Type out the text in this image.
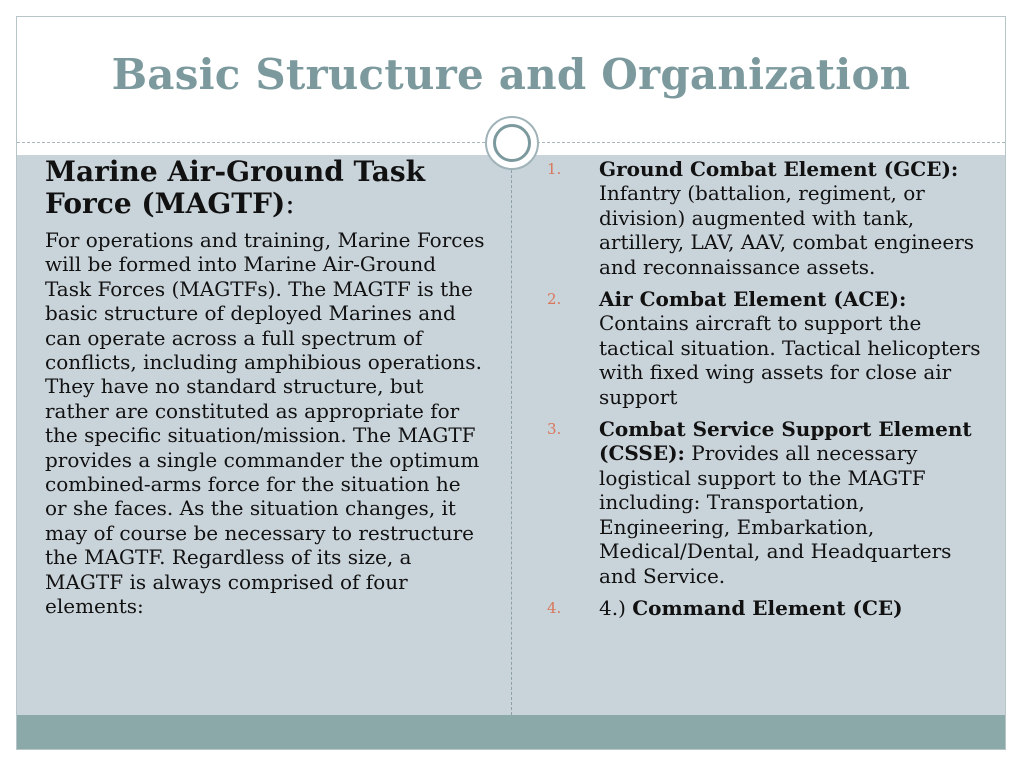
Basic Structure and Organization

Marine Air-Ground Task Force (MAGTF):

For operations and training, Marine Forces will be formed into Marine Air-Ground Task Forces (MAGTFs). The MAGTF is the basic structure of deployed Marines and can operate across a full spectrum of conflicts, including amphibious operations. They have no standard structure, but rather are constituted as appropriate for the specific situation/mission. The MAGTF provides a single commander the optimum combined-arms force for the situation he or she faces. As the situation changes, it may of course be necessary to restructure the MAGTF. Regardless of its size, a MAGTF is always comprised of four elements:

1. Ground Combat Element (GCE): Infantry (battalion, regiment, or division) augmented with tank, artillery, LAV, AAV, combat engineers and reconnaissance assets.
2. Air Combat Element (ACE): Contains aircraft to support the tactical situation. Tactical helicopters with fixed wing assets for close air support
3. Combat Service Support Element (CSSE): Provides all necessary logistical support to the MAGTF including: Transportation, Engineering, Embarkation, Medical/Dental, and Headquarters and Service.
4. 4.) Command Element (CE)
